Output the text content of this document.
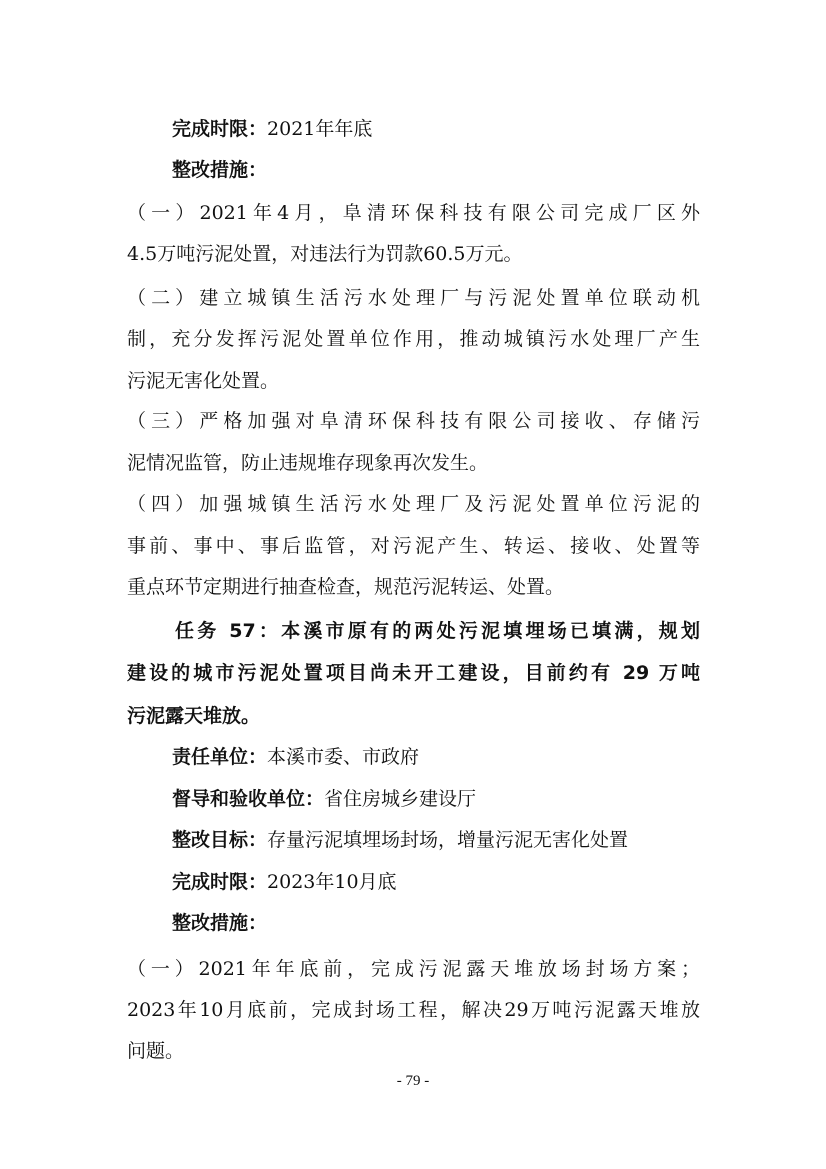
完成时限：2021年年底
整改措施：
（一）2021年4月，阜清环保科技有限公司完成厂区外
4.5万吨污泥处置，对违法行为罚款60.5万元。
（二）建立城镇生活污水处理厂与污泥处置单位联动机
制，充分发挥污泥处置单位作用，推动城镇污水处理厂产生
污泥无害化处置。
（三）严格加强对阜清环保科技有限公司接收、存储污
泥情况监管，防止违规堆存现象再次发生。
（四）加强城镇生活污水处理厂及污泥处置单位污泥的
事前、事中、事后监管，对污泥产生、转运、接收、处置等
重点环节定期进行抽查检查，规范污泥转运、处置。
任务 57：本溪市原有的两处污泥填埋场已填满，规划
建设的城市污泥处置项目尚未开工建设，目前约有 29 万吨
污泥露天堆放。
责任单位：本溪市委、市政府
督导和验收单位：省住房城乡建设厅
整改目标：存量污泥填埋场封场，增量污泥无害化处置
完成时限：2023年10月底
整改措施：
（一）2021年年底前，完成污泥露天堆放场封场方案；
2023年10月底前，完成封场工程，解决29万吨污泥露天堆放
问题。
- 79 -
